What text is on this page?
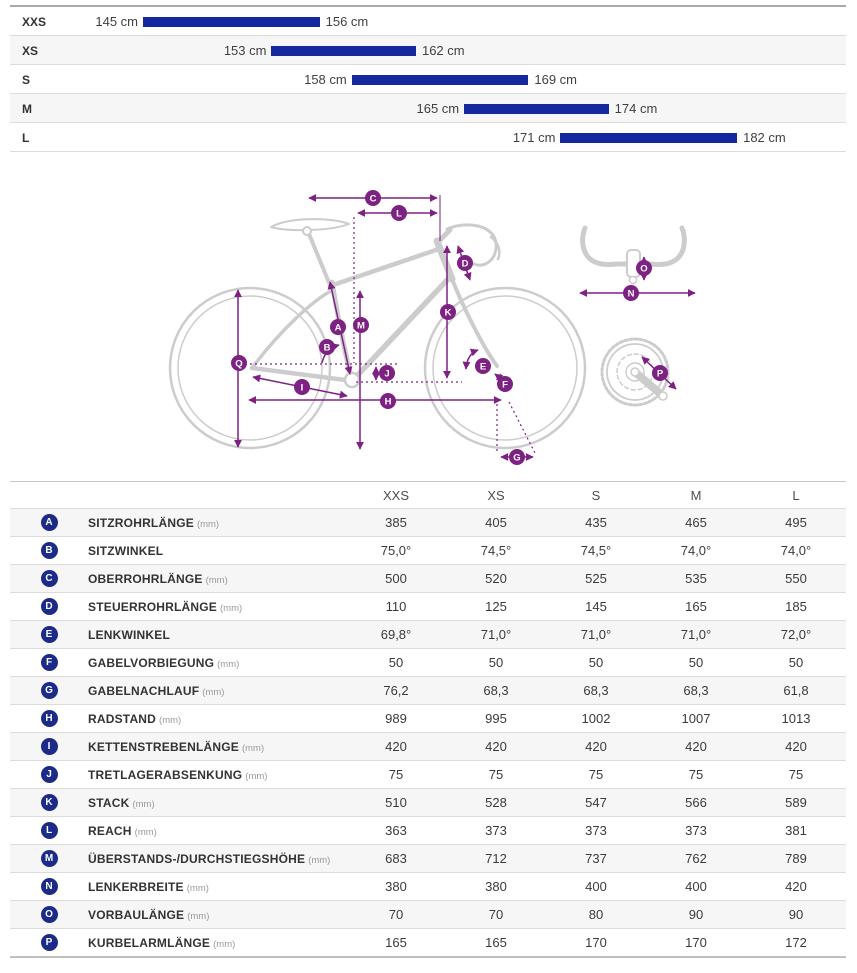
XXS	145 cm	156 cm
XS	153 cm	162 cm
S	158 cm	169 cm
M	165 cm	174 cm
L	171 cm	182 cm
A
B
C
D
E
F
G
H
I
J
K
L
M
N
O
P
Q
XXS	XS	S	M	L
A	SITZROHRLÄNGE (mm)	385	405	435	465	495
B	SITZWINKEL	75,0°	74,5°	74,5°	74,0°	74,0°
C	OBERROHRLÄNGE (mm)	500	520	525	535	550
D	STEUERROHRLÄNGE (mm)	110	125	145	165	185
E	LENKWINKEL	69,8°	71,0°	71,0°	71,0°	72,0°
F	GABELVORBIEGUNG (mm)	50	50	50	50	50
G	GABELNACHLAUF (mm)	76,2	68,3	68,3	68,3	61,8
H	RADSTAND (mm)	989	995	1002	1007	1013
I	KETTENSTREBENLÄNGE (mm)	420	420	420	420	420
J	TRETLAGERABSENKUNG (mm)	75	75	75	75	75
K	STACK (mm)	510	528	547	566	589
L	REACH (mm)	363	373	373	373	381
M	ÜBERSTANDS-/DURCHSTIEGSHÖHE (mm)	683	712	737	762	789
N	LENKERBREITE (mm)	380	380	400	400	420
O	VORBAULÄNGE (mm)	70	70	80	90	90
P	KURBELARMLÄNGE (mm)	165	165	170	170	172
